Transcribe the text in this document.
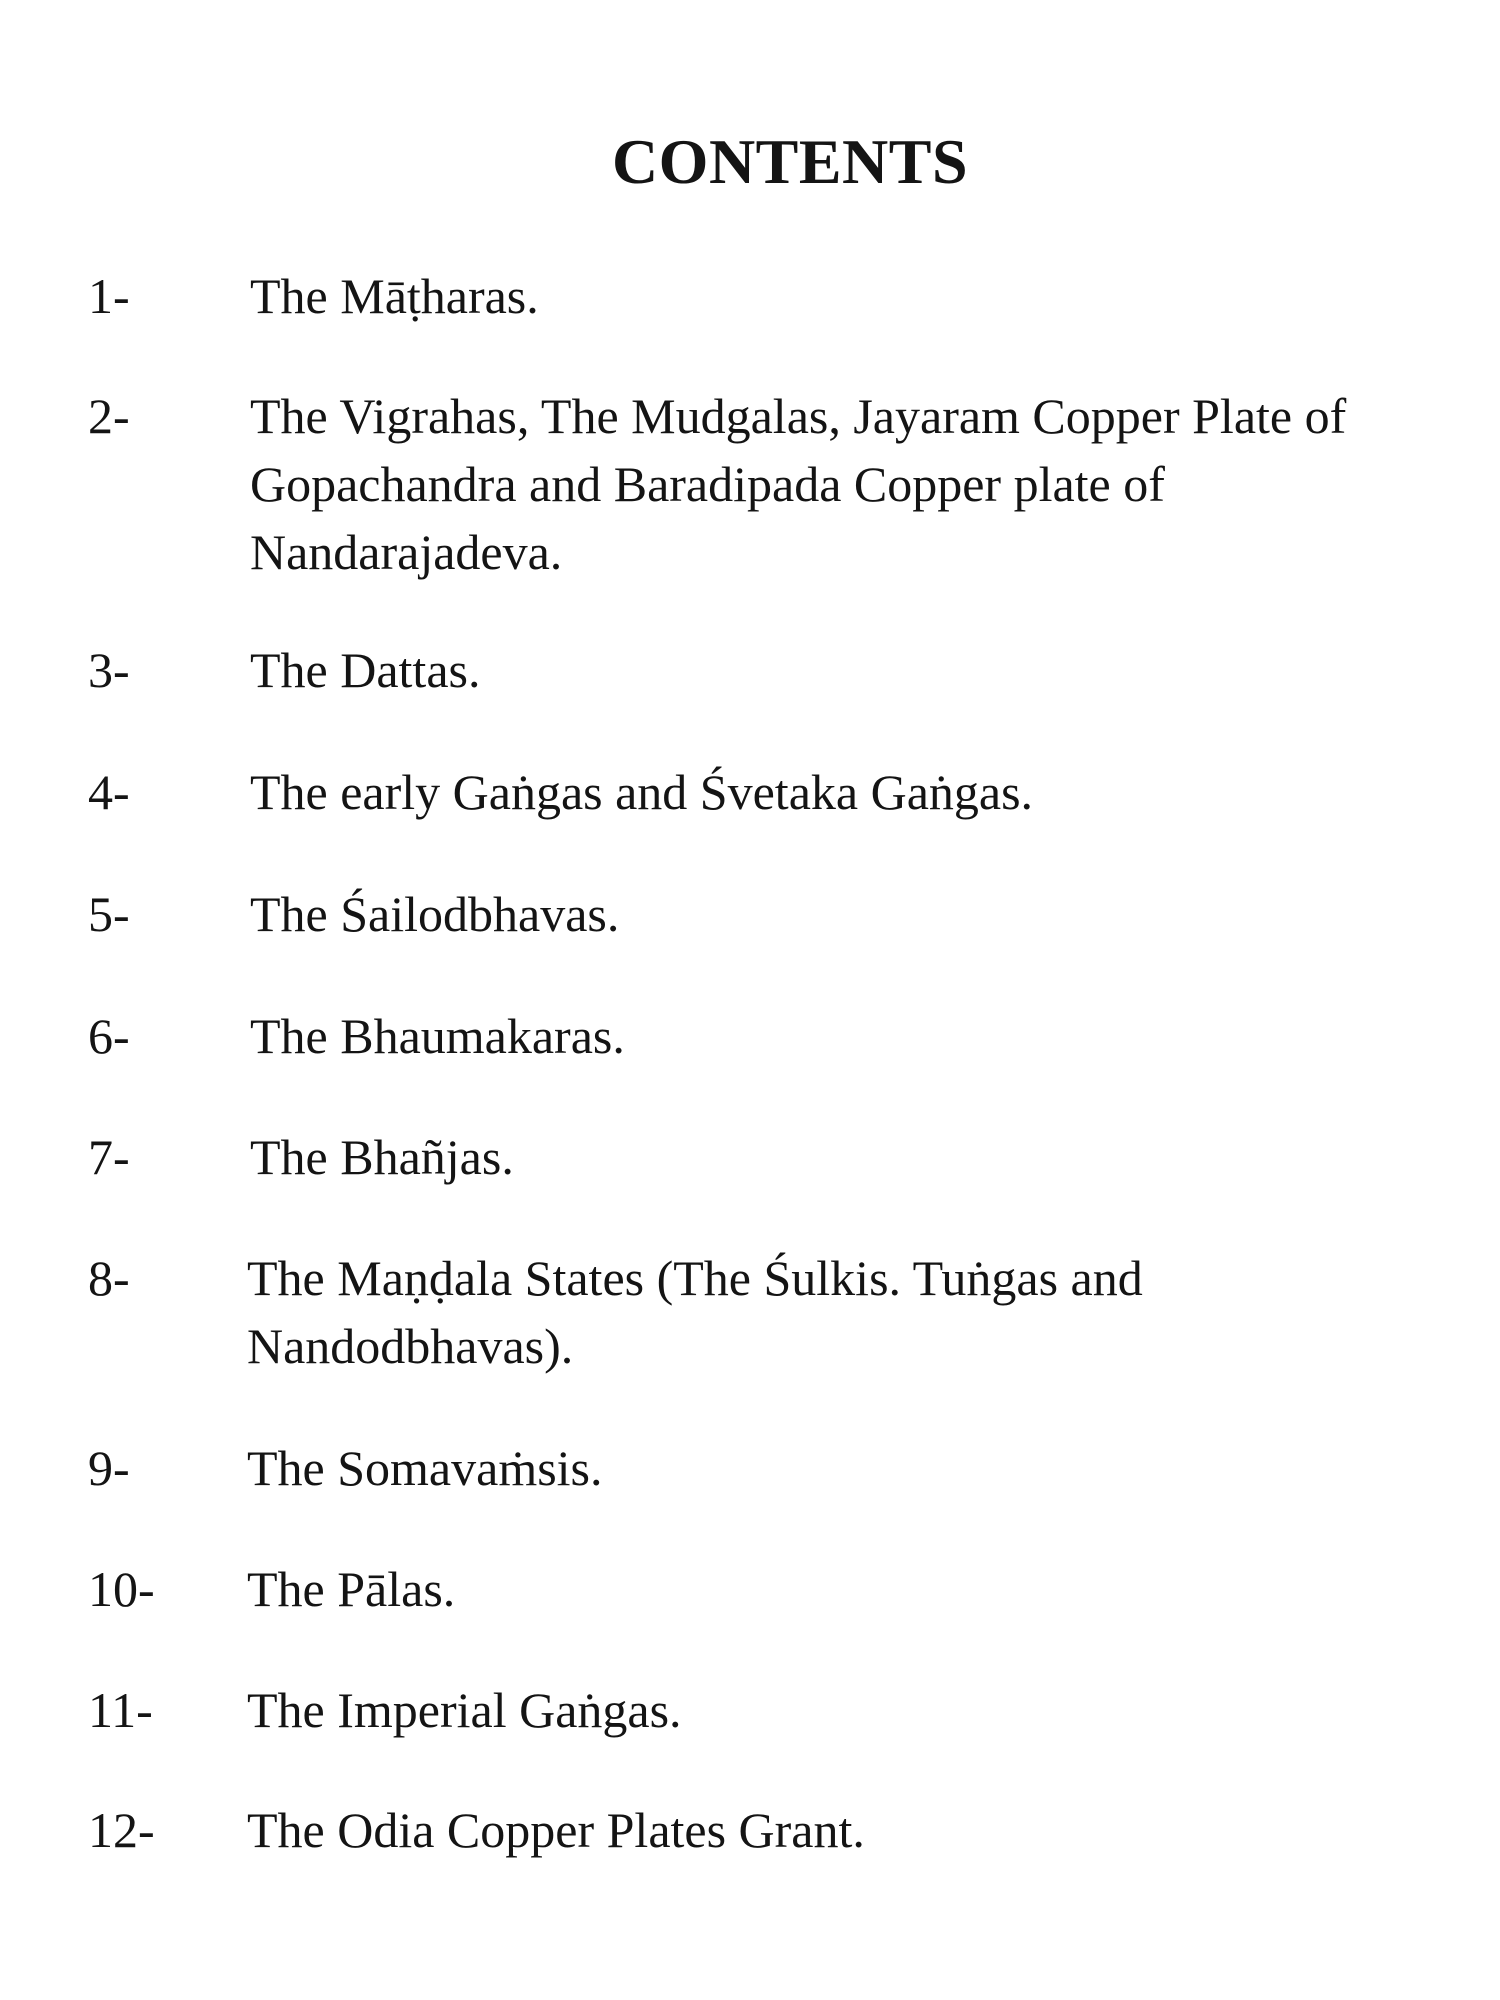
CONTENTS
1- The Māṭharas.
2- The Vigrahas, The Mudgalas, Jayaram Copper Plate of
Gopachandra and Baradipada Copper plate of
Nandarajadeva.
3- The Dattas.
4- The early Gaṅgas and Śvetaka Gaṅgas.
5- The Śailodbhavas.
6- The Bhaumakaras.
7- The Bhañjas.
8- The Maṇḍala States (The Śulkis. Tuṅgas and
Nandodbhavas).
9- The Somavaṁsis.
10- The Pālas.
11- The Imperial Gaṅgas.
12- The Odia Copper Plates Grant.
